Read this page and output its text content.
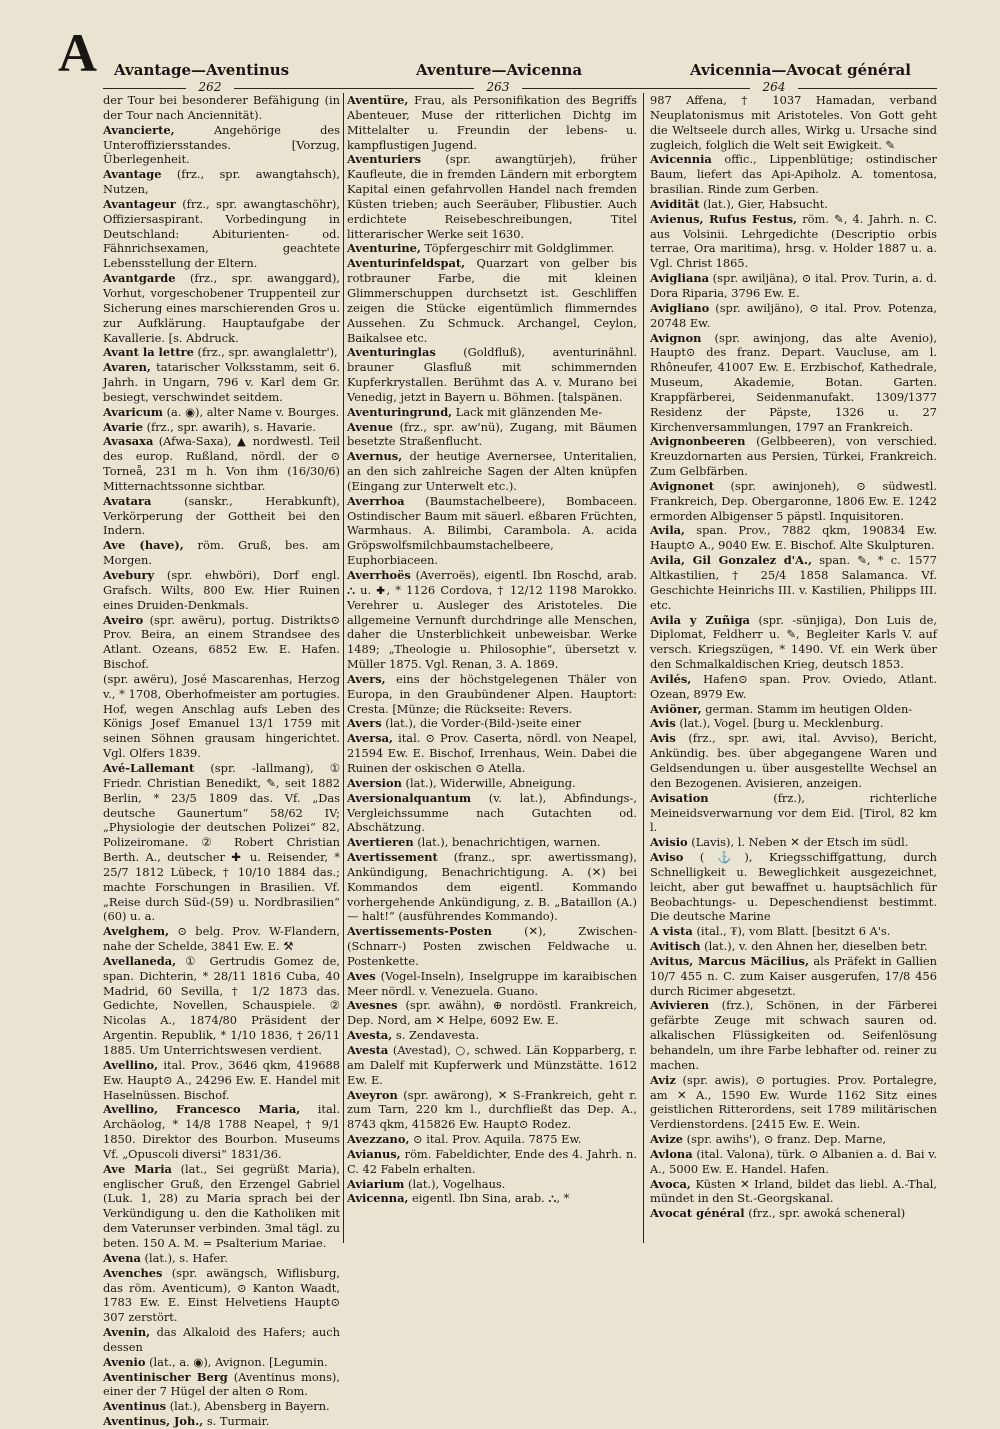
A Avantage—Aventinus	Aventure—Avicenna	Avicennia—Avocat général
262	263	264

der Tour bei besonderer Befähigung (in der Tour nach Anciennität).

Avancierte,	Angehörige des Unteroffiziersstandes. [Vorzug, Überlegenheit.

Avantage (frz., spr. awangtahsch), Nutzen,

Avantageur (frz., spr. awangtaschöhr), Offiziersaspirant. Vorbedingung in Deutschland: Abiturienten- od. Fähnrichsexamen, geachtete Lebensstellung der Eltern.

Avantgarde (frz., spr. awanggard), Vorhut, vorgeschobener Truppenteil zur Sicherung eines marschierenden Gros u. zur Aufklärung. Hauptaufgabe der Kavallerie. [s. Abdruck.

Avant la lettre (frz., spr. awanglalettr'),

Avaren, tatarischer Volksstamm, seit 6. Jahrh. in Ungarn, 796 v. Karl dem Gr. besiegt, verschwindet seitdem.

Avaricum (a. ◉), alter Name v. Bourges.

Avarie (frz., spr. awarih), s. Havarie.

Avasaxa (Afwa-Saxa), ▲ nordwestl. Teil des europ. Rußland, nördl. der ⊙ Torneå, 231 m h. Von ihm (16/30/6) Mitternachtssonne sichtbar.

Avatara	(sanskr., Herabkunft), Verkörperung der Gottheit bei den Indern.

Ave (have), röm. Gruß, bes. am Morgen.

Avebury (spr. ehwböri), Dorf engl. Grafsch. Wilts, 800 Ew. Hier Ruinen eines Druiden-Denkmals.

Aveiro (spr. awëru), portug. Distrikts⊙ Prov. Beira, an einem Strandsee des Atlant. Ozeans, 6852 Ew. E. Hafen. Bischof.

(spr. awëru), José Mascarenhas, Herzog v., * 1708, Oberhofmeister am portugies. Hof, wegen Anschlag aufs Leben des Königs Josef Emanuel 13/1 1759 mit seinen Söhnen grausam hingerichtet. Vgl. Olfers 1839.

Avé-Lallemant (spr. -lallmang), ① Friedr. Christian Benedikt, ✎, seit 1882 Berlin, * 23/5 1809 das. Vf. „Das deutsche Gaunertum“ 58/62 IV; „Physiologie der deutschen Polizei“ 82, Polizeiromane. ② Robert Christian Berth. A., deutscher ✚ u. Reisender, * 25/7 1812 Lübeck, † 10/10 1884 das.; machte Forschungen in Brasilien. Vf. „Reise durch Süd-(59) u. Nordbrasilien“ (60) u. a.

Avelghem, ⊙ belg. Prov. W-Flandern, nahe der Schelde, 3841 Ew. E. ⚒

Avellaneda, ① Gertrudis Gomez de, span. Dichterin, * 28/11 1816 Cuba, 40 Madrid, 60 Sevilla, † 1/2 1873 das. Gedichte, Novellen, Schauspiele. ② Nicolas A., 1874/80 Präsident der Argentin. Republik, * 1/10 1836, † 26/11 1885. Um Unterrichtswesen verdient.

Avellino, ital. Prov., 3646 qkm, 419688 Ew. Haupt⊙ A., 24296 Ew. E. Handel mit Haselnüssen. Bischof.

Avellino, Francesco Maria, ital. Archäolog, * 14/8 1788 Neapel, † 9/1 1850. Direktor des Bourbon. Museums Vf. „Opuscoli diversi“ 1831/36.

Ave Maria (lat., Sei gegrüßt Maria), englischer Gruß, den Erzengel Gabriel (Luk. 1, 28) zu Maria sprach bei der Verkündigung u. den die Katholiken mit dem Vaterunser verbinden. 3mal tägl. zu beten. 150 A. M. = Psalterium Mariae.

Avena (lat.), s. Hafer.

Avenches (spr. awängsch, Wiflisburg, das röm. Aventicum), ⊙ Kanton Waadt, 1783 Ew. E. Einst Helvetiens Haupt⊙ 307 zerstört.

Avenin, das Alkaloid des Hafers; auch dessen

Avenio (lat., a. ◉), Avignon. [Legumin.

Aventinischer Berg (Aventinus mons), einer der 7 Hügel der alten ⊙ Rom.

Aventinus (lat.), Abensberg in Bayern.

Aventinus, Joh., s. Turmair.

Aventüre, Frau, als Personifikation des Begriffs Abenteuer, Muse der ritterlichen Dichtg im Mittelalter u. Freundin der lebens- u. kampflustigen Jugend.

Aventuriers (spr. awangtürjeh), früher Kaufleute, die in fremden Ländern mit erborgtem Kapital einen gefahrvollen Handel nach fremden Küsten trieben; auch Seeräuber, Flibustier. Auch erdichtete Reisebeschreibungen, Titel litterarischer Werke seit 1630.

Aventurine, Töpfergeschirr mit Goldglimmer.

Aventurinfeldspat, Quarzart von gelber bis rotbrauner Farbe, die mit kleinen Glimmerschuppen durchsetzt ist. Geschliffen zeigen die Stücke eigentümlich flimmerndes Aussehen. Zu Schmuck. Archangel, Ceylon, Baikalsee etc.

Aventuringlas (Goldfluß), aventurinähnl. brauner Glasfluß mit schimmernden Kupferkrystallen. Berühmt das A. v. Murano bei Venedig, jetzt in Bayern u. Böhmen. [talspänen.

Aventuringrund, Lack mit glänzenden Me-

Avenue (frz., spr. aw'nü), Zugang, mit Bäumen besetzte Straßenflucht.

Avernus, der heutige Avernersee, Unteritalien, an den sich zahlreiche Sagen der Alten knüpfen (Eingang zur Unterwelt etc.).

Averrhoa (Baumstachelbeere), Bombaceen. Ostindischer Baum mit säuerl. eßbaren Früchten, Warmhaus. A. Bilimbi, Carambola. A. acida Gröpswolfsmilchbaumstachelbeere, Euphorbiaceen.

Averrhoës (Averroës), eigentl. Ibn Roschd, arab. ⛬ u. ✚, * 1126 Cordova, † 12/12 1198 Marokko. Verehrer u. Ausleger des Aristoteles. Die allgemeine Vernunft durchdringe alle Menschen, daher die Unsterblichkeit unbeweisbar. Werke 1489; „Theologie u. Philosophie“, übersetzt v. Müller 1875. Vgl. Renan, 3. A. 1869.

Avers, eins der höchstgelegenen Thäler von Europa, in den Graubündener Alpen. Hauptort: Cresta. [Münze; die Rückseite: Revers.

Avers (lat.), die Vorder-(Bild-)seite einer

Aversa, ital. ⊙ Prov. Caserta, nördl. von Neapel, 21594 Ew. E. Bischof, Irrenhaus, Wein. Dabei die Ruinen der oskischen ⊙ Atella.

Aversion (lat.), Widerwille, Abneigung.

Aversionalquantum (v. lat.), Abfindungs-, Vergleichssumme nach Gutachten od. Abschätzung.

Avertieren (lat.), benachrichtigen, warnen.

Avertissement (franz., spr. awertissmang), Ankündigung, Benachrichtigung. A. (✕) bei Kommandos dem eigentl. Kommando vorhergehende Ankündigung, z. B. „Bataillon (A.) — halt!“ (ausführendes Kommando).

Avertissements-Posten	(✕), Zwischen-(Schnarr-) Posten zwischen Feldwache u. Postenkette.

Aves (Vogel-Inseln), Inselgruppe im karaibischen Meer nördl. v. Venezuela. Guano.

Avesnes (spr. awähn), ⊕ nordöstl. Frankreich, Dep. Nord, am ✕ Helpe, 6092 Ew. E.

Avesta, s. Zendavesta.

Avesta (Avestad), ○, schwed. Län Kopparberg, r. am Dalelf mit Kupferwerk und Münzstätte. 1612 Ew. E.

Aveyron (spr. awärong), ✕ S-Frankreich, geht r. zum Tarn, 220 km l., durchfließt das Dep. A., 8743 qkm, 415826 Ew. Haupt⊙ Rodez.

Avezzano, ⊙ ital. Prov. Aquila. 7875 Ew.

Avianus, röm. Fabeldichter, Ende des 4. Jahrh. n. C. 42 Fabeln erhalten.

Aviarium (lat.), Vogelhaus.

Avicenna, eigentl. Ibn Sina, arab. ⛬, *

987 Affena, † 1037 Hamadan, verband Neuplatonismus mit Aristoteles. Von Gott geht die Weltseele durch alles, Wirkg u. Ursache sind zugleich, folglich die Welt seit Ewigkeit. ✎

Avicennia offic., Lippenblütige; ostindischer Baum, liefert das Api-Apiholz. A. tomentosa, brasilian. Rinde zum Gerben.

Avidität (lat.), Gier, Habsucht.

Avienus, Rufus Festus, röm. ✎, 4. Jahrh. n. C. aus Volsinii. Lehrgedichte (Descriptio orbis terrae, Ora maritima), hrsg. v. Holder 1887 u. a. Vgl. Christ 1865.

Avigliana (spr. awiljäna), ⊙ ital. Prov. Turin, a. d. Dora Riparia, 3796 Ew. E.

Avigliano (spr. awiljäno), ⊙ ital. Prov. Potenza, 20748 Ew.

Avignon (spr. awinjong, das alte Avenio), Haupt⊙ des franz. Depart. Vaucluse, am l. Rhôneufer, 41007 Ew. E. Erzbischof, Kathedrale, Museum, Akademie, Botan. Garten. Krappfärberei, Seidenmanufakt. 1309/1377 Residenz der Päpste, 1326 u. 27 Kirchenversammlungen, 1797 an Frankreich.

Avignonbeeren (Gelbbeeren), von verschied. Kreuzdornarten aus Persien, Türkei, Frankreich. Zum Gelbfärben.

Avignonet (spr. awinjoneh), ⊙ südwestl. Frankreich, Dep. Obergaronne, 1806 Ew. E. 1242 ermorden Albigenser 5 päpstl. Inquisitoren.

Avila, span. Prov., 7882 qkm, 190834 Ew. Haupt⊙ A., 9040 Ew. E. Bischof. Alte Skulpturen.

Avila, Gil Gonzalez d'A., span. ✎, * c. 1577 Altkastilien, † 25/4 1858 Salamanca. Vf. Geschichte Heinrichs III. v. Kastilien, Philipps III. etc.

Avila y Zuñiga (spr. -sünjiga), Don Luis de, Diplomat, Feldherr u. ✎, Begleiter Karls V. auf versch. Kriegszügen, * 1490. Vf. ein Werk über den Schmalkaldischen Krieg, deutsch 1853.

Avilés, Hafen⊙ span. Prov. Oviedo, Atlant. Ozean, 8979 Ew.

Aviöner, german. Stamm im heutigen Olden-

Avis (lat.), Vogel. [burg u. Mecklenburg.

Avis (frz., spr. awi, ital. Avviso), Bericht, Ankündig. bes. über abgegangene Waren und Geldsendungen u. über ausgestellte Wechsel an den Bezogenen. Avisieren, anzeigen.

Avisation	(frz.), richterliche Meineidsverwarnung vor dem Eid. [Tirol, 82 km l.

Avisio (Lavis), l. Neben ✕ der Etsch im südl.

Aviso (⚓), Kriegsschiffgattung, durch Schnelligkeit u. Beweglichkeit ausgezeichnet, leicht, aber gut bewaffnet u. hauptsächlich für Beobachtungs- u. Depeschendienst bestimmt. Die deutsche Marine

A vista (ital., ₮), vom Blatt. [besitzt 6 A's.

Avitisch (lat.), v. den Ahnen her, dieselben betr.

Avitus, Marcus Mäcilius, als Präfekt in Gallien 10/7 455 n. C. zum Kaiser ausgerufen, 17/8 456 durch Ricimer abgesetzt.

Avivieren (frz.), Schönen, in der Färberei gefärbte Zeuge mit schwach sauren od. alkalischen Flüssigkeiten od. Seifenlösung behandeln, um ihre Farbe lebhafter od. reiner zu machen.

Aviz (spr. awis), ⊙ portugies. Prov. Portalegre, am ✕ A., 1590 Ew. Wurde 1162 Sitz eines geistlichen Ritterordens, seit 1789 militärischen Verdienstordens. [2415 Ew. E. Wein.

Avize (spr. awihs'), ⊙ franz. Dep. Marne,

Avlona (ital. Valona), türk. ⊙ Albanien a. d. Bai v. A., 5000 Ew. E. Handel. Hafen.

Avoca, Küsten ✕ Irland, bildet das liebl. A.-Thal, mündet in den St.-Georgskanal.

Avocat général (frz., spr. awoká scheneral)
